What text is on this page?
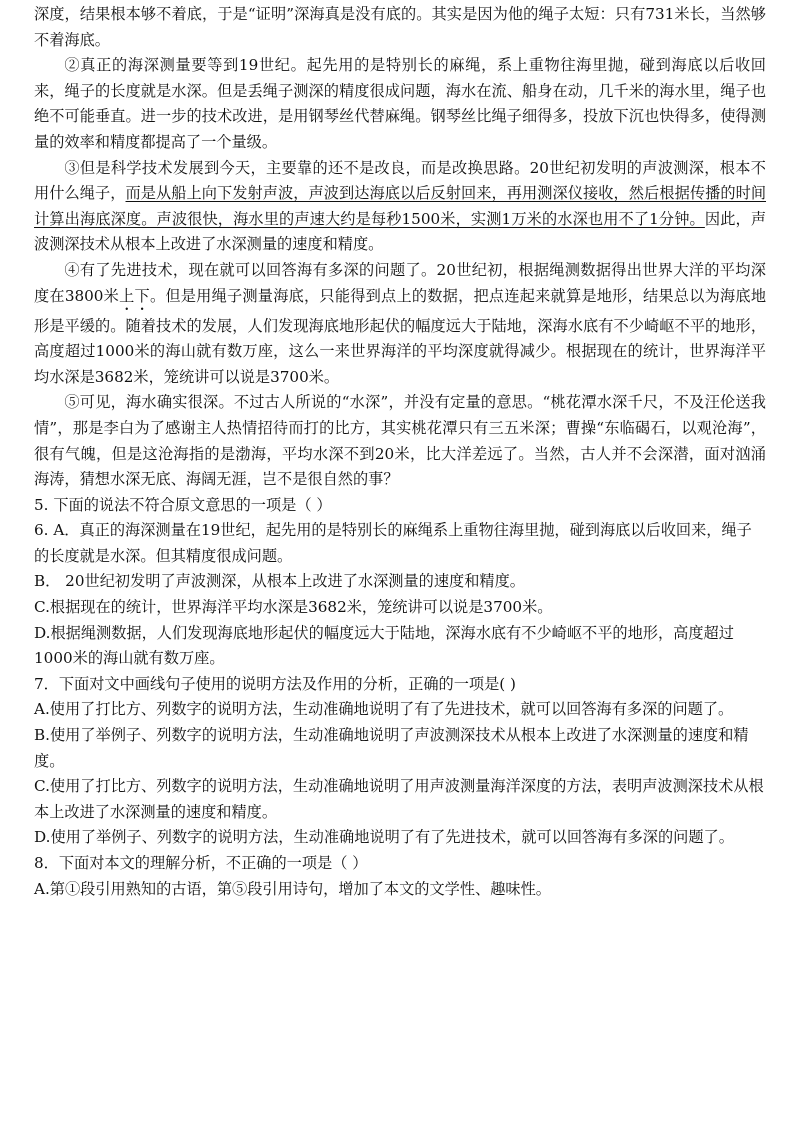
深度，结果根本够不着底，于是“证明”深海真是没有底的。其实是因为他的绳子太短：只有731米长，当然够不着海底。

②真正的海深测量要等到19世纪。起先用的是特别长的麻绳，系上重物往海里抛，碰到海底以后收回来，绳子的长度就是水深。但是丢绳子测深的精度很成问题，海水在流、船身在动，几千米的海水里，绳子也绝不可能垂直。进一步的技术改进，是用钢琴丝代替麻绳。钢琴丝比绳子细得多，投放下沉也快得多，使得测量的效率和精度都提高了一个量级。

③但是科学技术发展到今天，主要靠的还不是改良，而是改换思路。20世纪初发明的声波测深，根本不用什么绳子，而是从船上向下发射声波，声波到达海底以后反射回来，再用测深仪接收，然后根据传播的时间计算出海底深度。声波很快，海水里的声速大约是每秒1500米，实测1万米的水深也用不了1分钟。因此，声波测深技术从根本上改进了水深测量的速度和精度。

④有了先进技术，现在就可以回答海有多深的问题了。20世纪初，根据绳测数据得出世界大洋的平均深度在3800米上下。但是用绳子测量海底，只能得到点上的数据，把点连起来就算是地形，结果总以为海底地形是平缓的。随着技术的发展，人们发现海底地形起伏的幅度远大于陆地，深海水底有不少崎岖不平的地形，高度超过1000米的海山就有数万座，这么一来世界海洋的平均深度就得减少。根据现在的统计，世界海洋平均水深是3682米，笼统讲可以说是3700米。

⑤可见，海水确实很深。不过古人所说的“水深”，并没有定量的意思。“桃花潭水深千尺，不及汪伦送我情”，那是李白为了感谢主人热情招待而打的比方，其实桃花潭只有三五米深；曹操“东临碣石，以观沧海”，很有气魄，但是这沧海指的是渤海，平均水深不到20米，比大洋差远了。当然，古人并不会深潜，面对汹涌海涛，猜想水深无底、海阔无涯，岂不是很自然的事？

5. 下面的说法不符合原文意思的一项是（ ）

6. A．真正的海深测量在19世纪，起先用的是特别长的麻绳系上重物往海里抛，碰到海底以后收回来，绳子的长度就是水深。但其精度很成问题。

B． 20世纪初发明了声波测深，从根本上改进了水深测量的速度和精度。

C.根据现在的统计，世界海洋平均水深是3682米，笼统讲可以说是3700米。

D.根据绳测数据，人们发现海底地形起伏的幅度远大于陆地，深海水底有不少崎岖不平的地形，高度超过1000米的海山就有数万座。

7．下面对文中画线句子使用的说明方法及作用的分析，正确的一项是( )

A.使用了打比方、列数字的说明方法，生动准确地说明了有了先进技术，就可以回答海有多深的问题了。

B.使用了举例子、列数字的说明方法，生动准确地说明了声波测深技术从根本上改进了水深测量的速度和精度。

C.使用了打比方、列数字的说明方法，生动准确地说明了用声波测量海洋深度的方法，表明声波测深技术从根本上改进了水深测量的速度和精度。

D.使用了举例子、列数字的说明方法，生动准确地说明了有了先进技术，就可以回答海有多深的问题了。

8．下面对本文的理解分析，不正确的一项是（ ）

A.第①段引用熟知的古语，第⑤段引用诗句，增加了本文的文学性、趣味性。
